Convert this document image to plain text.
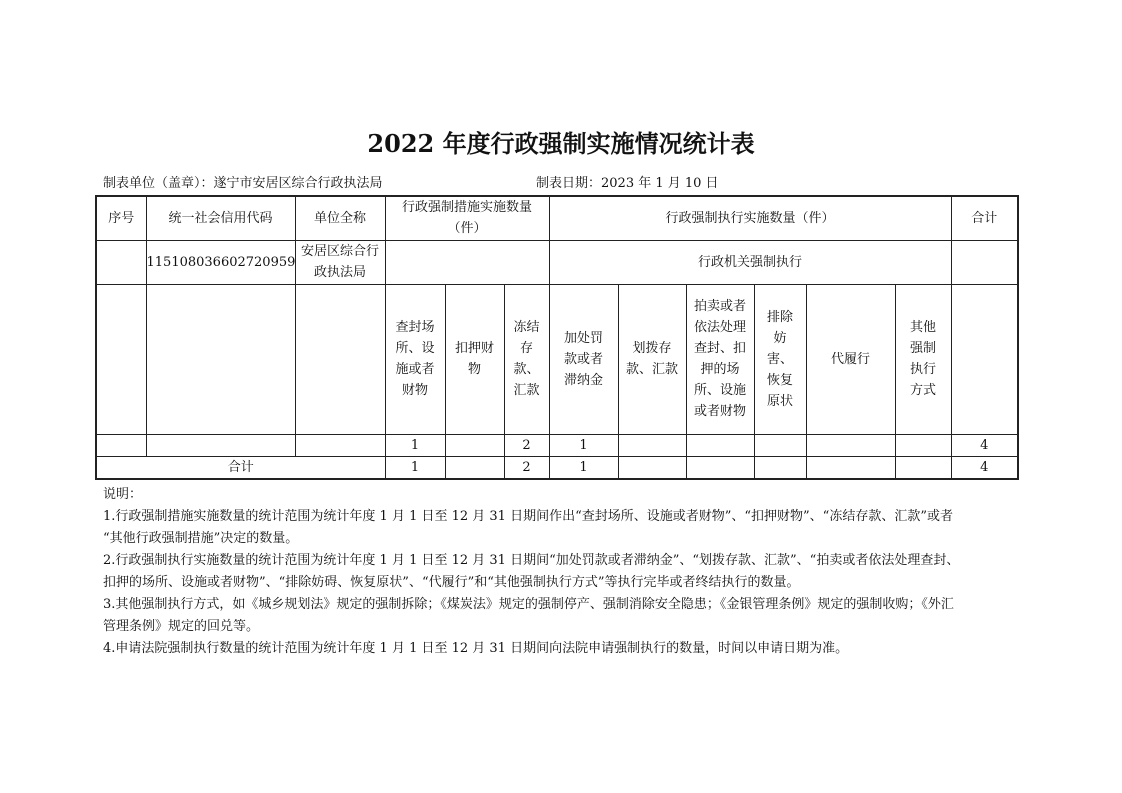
2022 年度行政强制实施情况统计表
制表单位（盖章）：遂宁市安居区综合行政执法局	制表日期：2023 年 1 月 10 日
序号	统一社会信用代码	单位全称	行政强制措施实施数量（件）			行政强制执行实施数量（件）						合计
	115108036602720959	安居区综合行政执法局				行政机关强制执行						
			查封场所、设施或者财物	扣押财物	冻结存款、汇款	加处罚款或者滞纳金	划拨存款、汇款	拍卖或者依法处理查封、扣押的场所、设施或者财物	排除妨害、恢复原状	代履行	其他强制执行方式	
			1		2	1						4
合计			1		2	1						4

说明：

1.行政强制措施实施数量的统计范围为统计年度 1 月 1 日至 12 月 31 日期间作出“查封场所、设施或者财物”、“扣押财物”、“冻结存款、汇款”或者

“其他行政强制措施”决定的数量。

2.行政强制执行实施数量的统计范围为统计年度 1 月 1 日至 12 月 31 日期间“加处罚款或者滞纳金”、“划拨存款、汇款”、“拍卖或者依法处理查封、

扣押的场所、设施或者财物”、“排除妨碍、恢复原状”、“代履行”和“其他强制执行方式”等执行完毕或者终结执行的数量。

3.其他强制执行方式，如《城乡规划法》规定的强制拆除；《煤炭法》规定的强制停产、强制消除安全隐患；《金银管理条例》规定的强制收购；《外汇

管理条例》规定的回兑等。

4.申请法院强制执行数量的统计范围为统计年度 1 月 1 日至 12 月 31 日期间向法院申请强制执行的数量，时间以申请日期为准。
